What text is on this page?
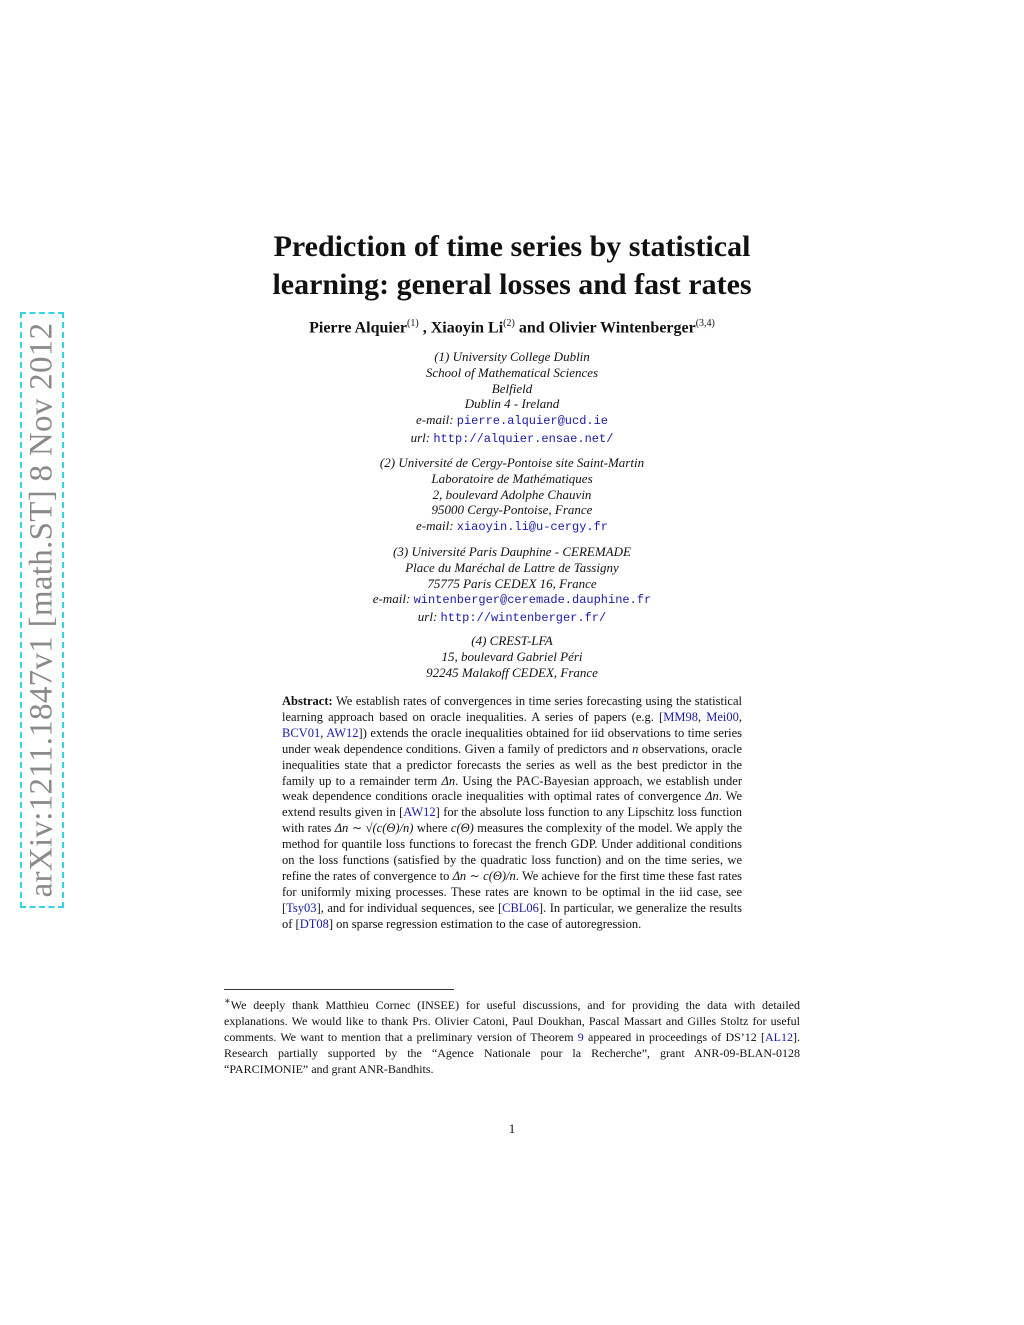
arXiv:1211.1847v1 [math.ST] 8 Nov 2012
Prediction of time series by statistical
learning: general losses and fast rates
Pierre Alquier$^{(1)}$ , Xiaoyin Li$^{(2)}$ and Olivier Wintenberger$^{(3,4)}$
(1) University College Dublin
School of Mathematical Sciences
Belfield
Dublin 4 - Ireland
e-mail: pierre.alquier@ucd.ie
url: http://alquier.ensae.net/
(2) Université de Cergy-Pontoise site Saint-Martin
Laboratoire de Mathématiques
2, boulevard Adolphe Chauvin
95000 Cergy-Pontoise, France
e-mail: xiaoyin.li@u-cergy.fr
(3) Université Paris Dauphine - CEREMADE
Place du Maréchal de Lattre de Tassigny
75775 Paris CEDEX 16, France
e-mail: wintenberger@ceremade.dauphine.fr
url: http://wintenberger.fr/
(4) CREST-LFA
15, boulevard Gabriel Péri
92245 Malakoff CEDEX, France
Abstract: We establish rates of convergences in time series forecasting using the statistical learning approach based on oracle inequalities. A series of papers (e.g. [MM98, Mei00, BCV01, AW12]) extends the oracle inequalities obtained for iid observations to time series under weak dependence conditions. Given a family of predictors and n observations, oracle inequalities state that a predictor forecasts the series as well as the best predictor in the family up to a remainder term Δn. Using the PAC-Bayesian approach, we establish under weak dependence conditions oracle inequalities with optimal rates of convergence Δn. We extend results given in [AW12] for the absolute loss function to any Lipschitz loss function with rates Δn ∼ √(c(Θ)/n) where c(Θ) measures the complexity of the model. We apply the method for quantile loss functions to forecast the french GDP. Under additional conditions on the loss functions (satisfied by the quadratic loss function) and on the time series, we refine the rates of convergence to Δn ∼ c(Θ)/n. We achieve for the first time these fast rates for uniformly mixing processes. These rates are known to be optimal in the iid case, see [Tsy03], and for individual sequences, see [CBL06]. In particular, we generalize the results of [DT08] on sparse regression estimation to the case of autoregression.
∗We deeply thank Matthieu Cornec (INSEE) for useful discussions, and for providing the data with detailed explanations. We would like to thank Prs. Olivier Catoni, Paul Doukhan, Pascal Massart and Gilles Stoltz for useful comments. We want to mention that a preliminary version of Theorem 9 appeared in proceedings of DS’12 [AL12]. Research partially supported by the “Agence Nationale pour la Recherche”, grant ANR-09-BLAN-0128 “PARCIMONIE” and grant ANR-Bandhits.
1
